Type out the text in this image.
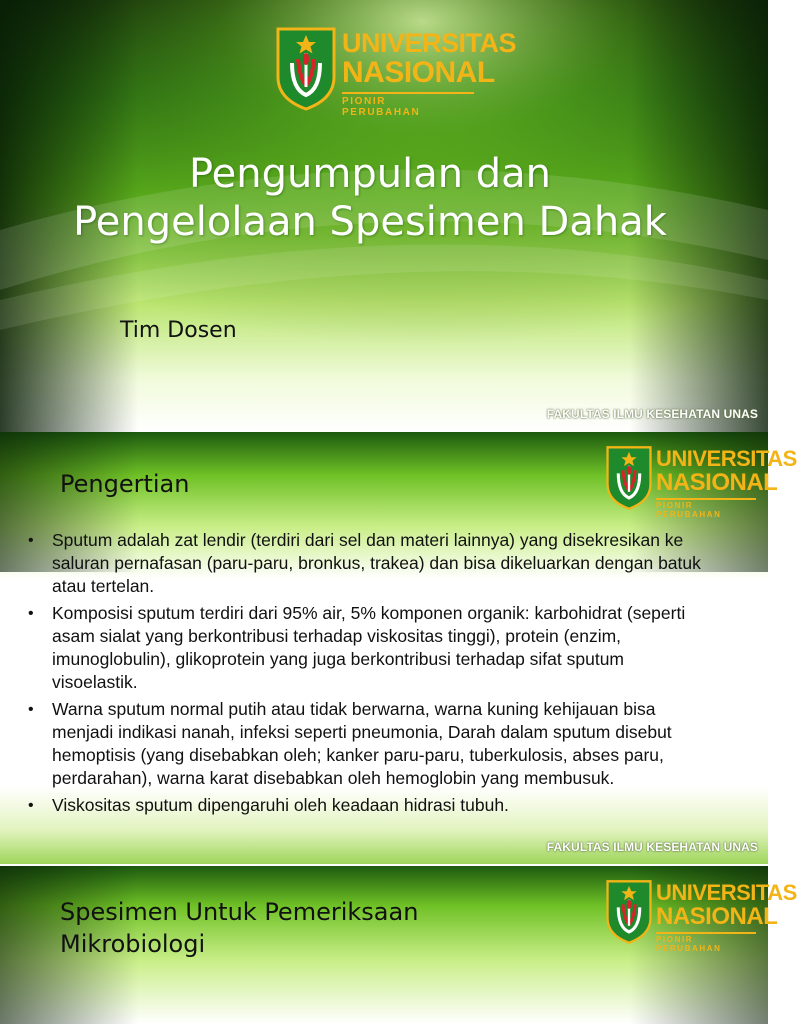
UNIVERSITAS
NASIONAL
PIONIR PERUBAHAN
Pengumpulan dan
Pengelolaan Spesimen Dahak
Tim Dosen
FAKULTAS ILMU KESEHATAN UNAS
UNIVERSITAS
NASIONAL
PIONIR PERUBAHAN
Pengertian
• Sputum adalah zat lendir (terdiri dari sel dan materi lainnya) yang disekresikan ke saluran pernafasan (paru-paru, bronkus, trakea) dan bisa dikeluarkan dengan batuk atau tertelan.
• Komposisi sputum terdiri dari 95% air, 5% komponen organik: karbohidrat (seperti asam sialat yang berkontribusi terhadap viskositas tinggi), protein (enzim, imunoglobulin), glikoprotein yang juga berkontribusi terhadap sifat sputum visoelastik.
• Warna sputum normal putih atau tidak berwarna, warna kuning kehijauan bisa menjadi indikasi nanah, infeksi seperti pneumonia, Darah dalam sputum disebut hemoptisis (yang disebabkan oleh; kanker paru-paru, tuberkulosis, abses paru, perdarahan), warna karat disebabkan oleh hemoglobin yang membusuk.
• Viskositas sputum dipengaruhi oleh keadaan hidrasi tubuh.
FAKULTAS ILMU KESEHATAN UNAS
UNIVERSITAS
NASIONAL
PIONIR PERUBAHAN
Spesimen Untuk Pemeriksaan
Mikrobiologi
